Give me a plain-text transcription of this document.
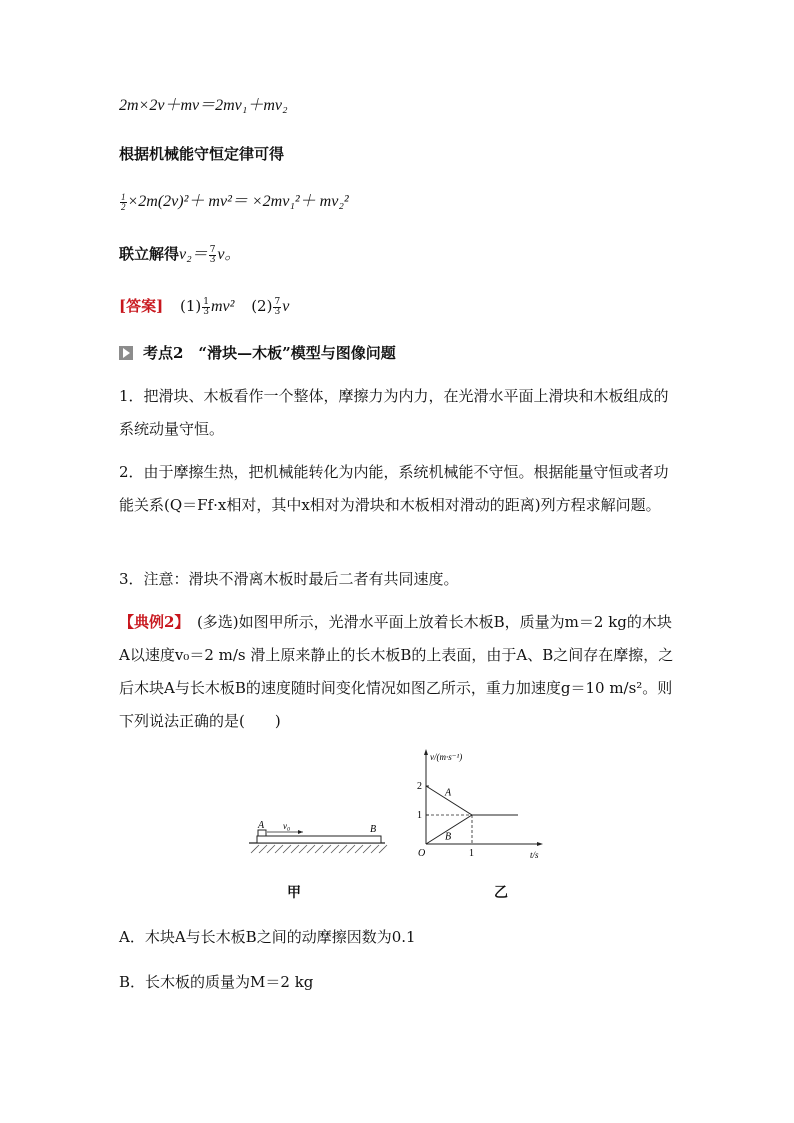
2m×2v＋mv＝2mv₁＋mv₂
根据机械能守恒定律可得
$\frac{1}{2} \times 2m(2v)^2+ mv^2= \times 2mv_1^2+ mv_2^2$
联立解得$v_2= \frac{7}{3}$ v。
[答案] $(1) \frac{1}{3} mv^2$ $(2) \frac{7}{3}$ v
考点2　“滑块—木板”模型与图像问题
1．把滑块、木板看作一个整体，摩擦力为内力，在光滑水平面上滑块和木板组成的系统动量守恒。
2．由于摩擦生热，把机械能转化为内能，系统机械能不守恒。根据能量守恒或者功能关系(Q＝Ff·x相对，其中x相对为滑块和木板相对滑动的距离)列方程求解问题。
3．注意：滑块不滑离木板时最后二者有共同速度。
【典例2】　(多选)如图甲所示，光滑水平面上放着长木板B，质量为m＝2 kg的木块A以速度v₀＝2 m/s 滑上原来静止的长木板B的上表面，由于A、B之间存在摩擦，之后木块A与长木板B的速度随时间变化情况如图乙所示，重力加速度g＝10 m/s²。则下列说法正确的是(　　)
A v₀	B
甲
v/(m·s⁻¹)
t/s
O
1
2
1
A
B
乙
A．木块A与长木板B之间的动摩擦因数为0.1
B．长木板的质量为M＝2 kg
